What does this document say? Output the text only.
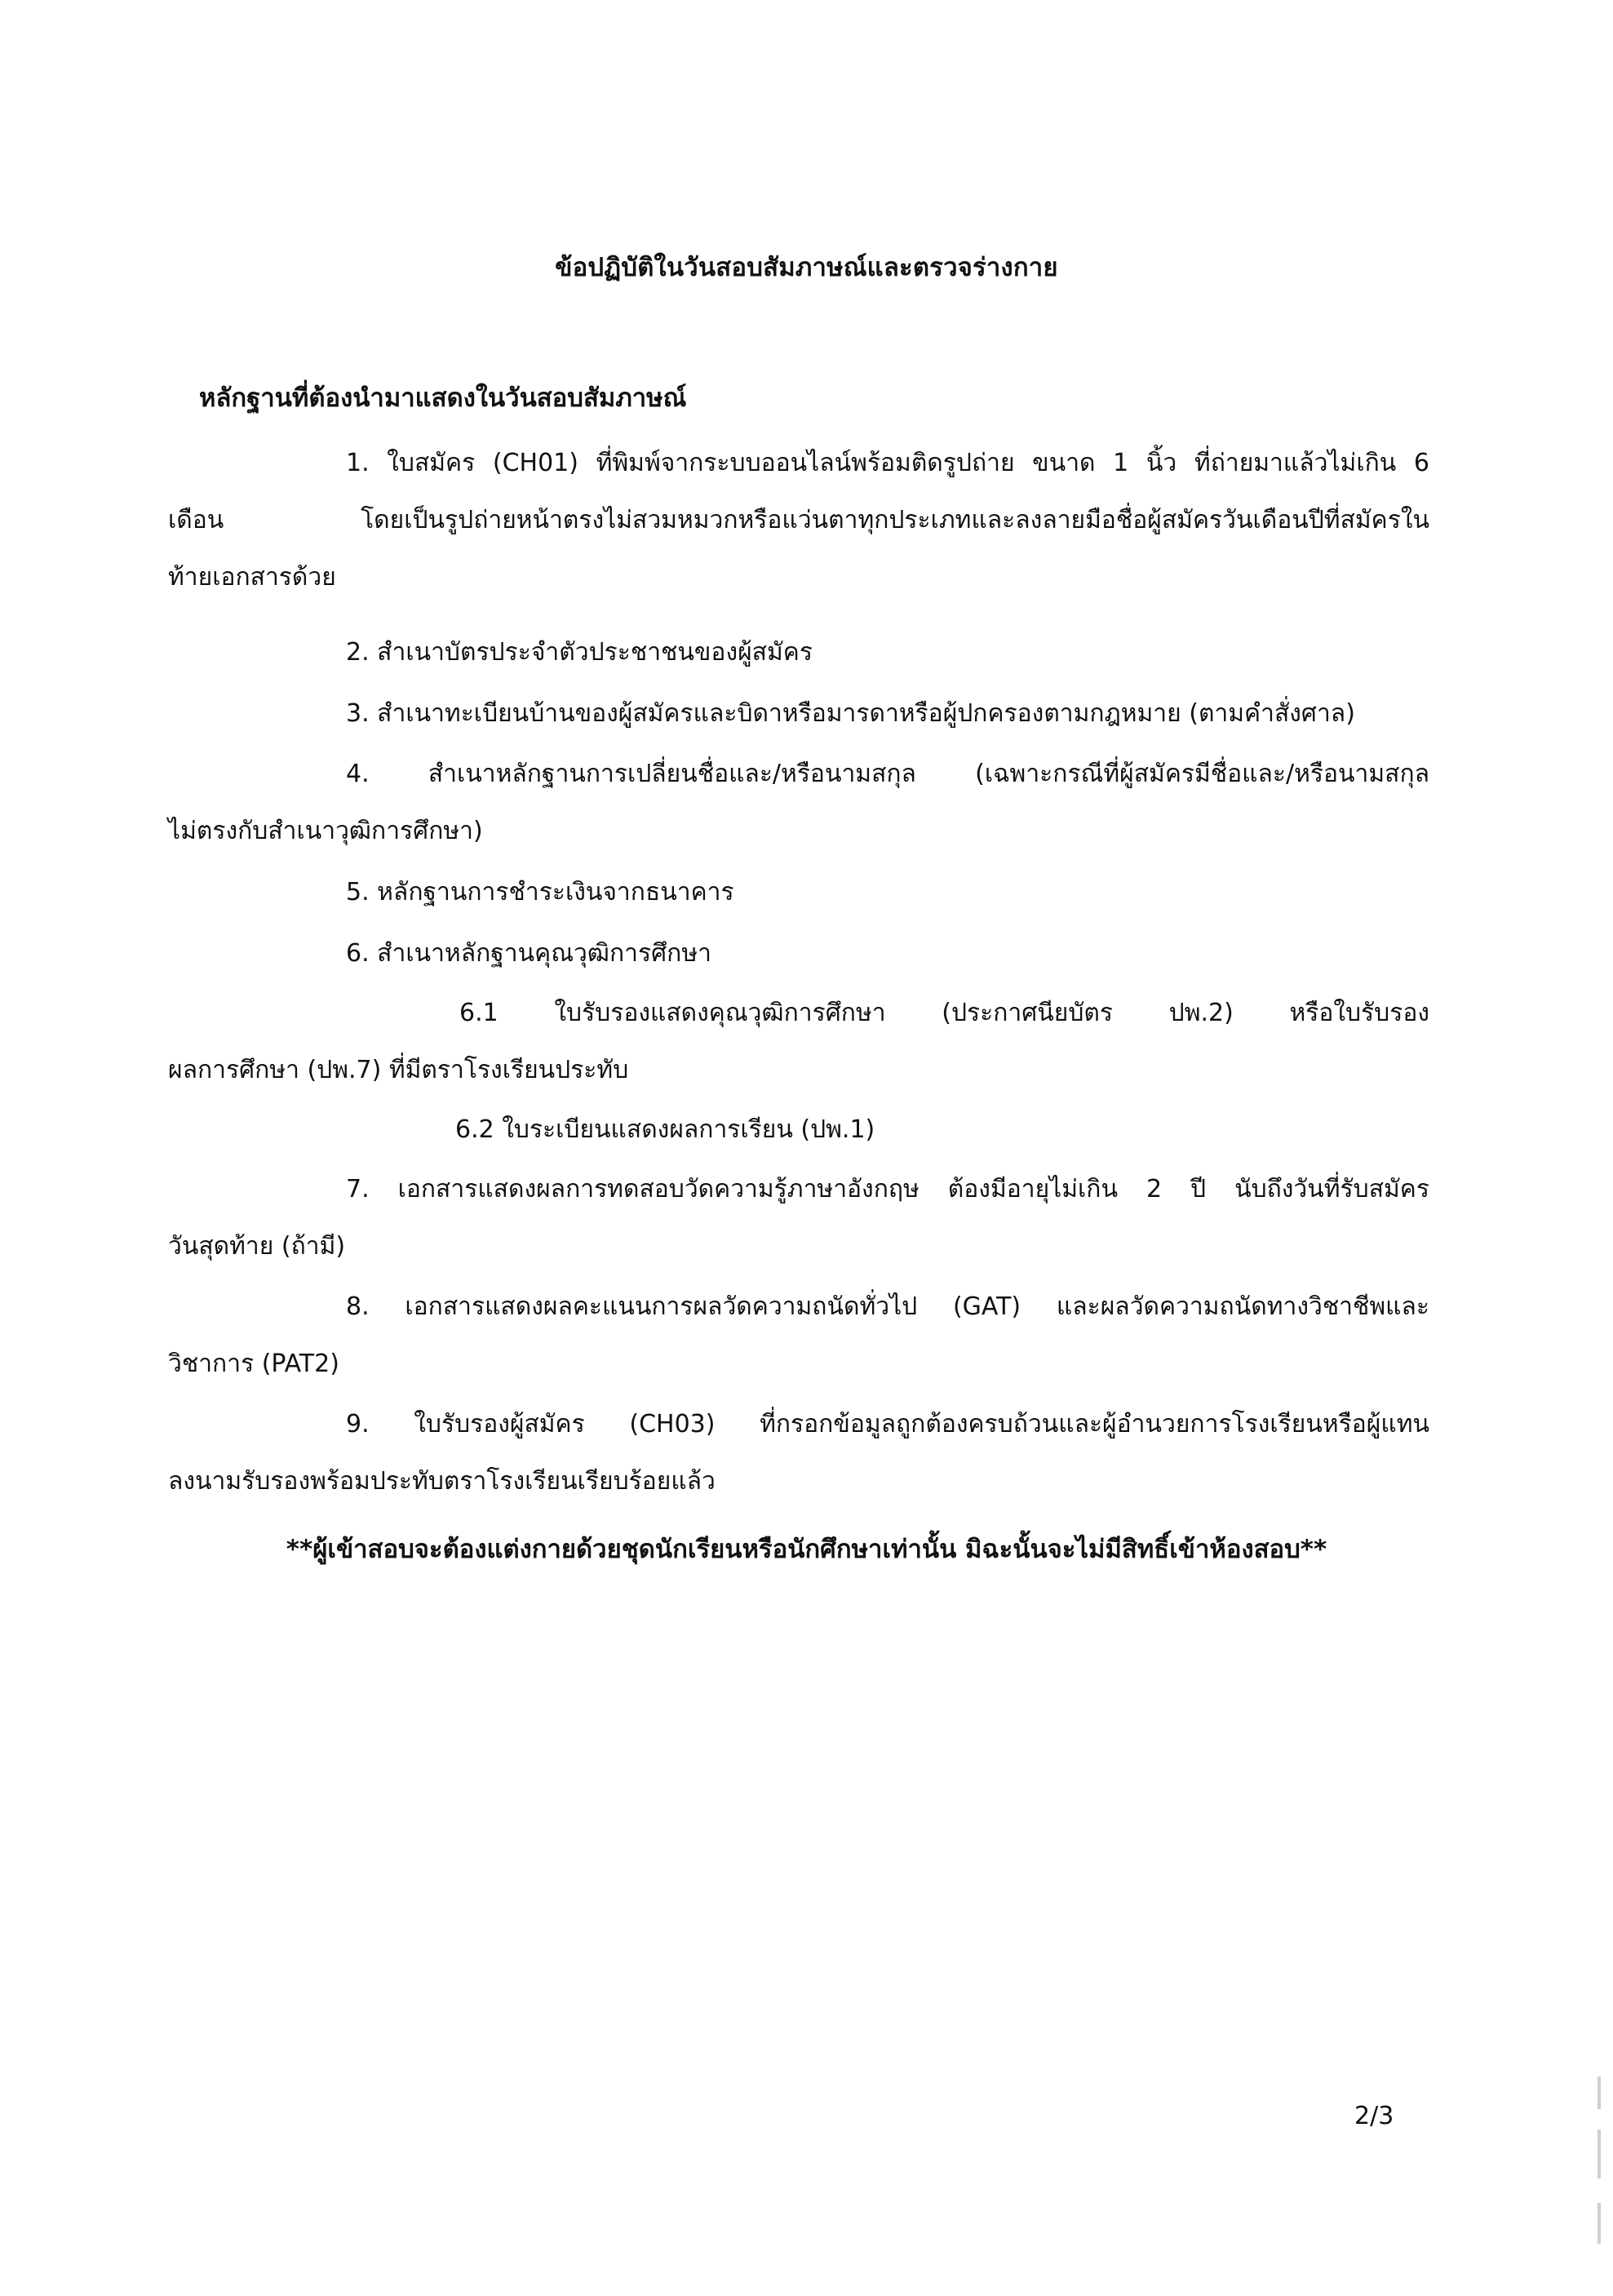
ข้อปฏิบัติในวันสอบสัมภาษณ์และตรวจร่างกาย
หลักฐานที่ต้องนำมาแสดงในวันสอบสัมภาษณ์
1. ใบสมัคร (CH01) ที่พิมพ์จากระบบออนไลน์พร้อมติดรูปถ่าย ขนาด 1 นิ้ว ที่ถ่ายมาแล้วไม่เกิน 6
เดือน โดยเป็นรูปถ่ายหน้าตรงไม่สวมหมวกหรือแว่นตาทุกประเภทและลงลายมือชื่อผู้สมัครวันเดือนปีที่สมัครใน
ท้ายเอกสารด้วย
2. สำเนาบัตรประจำตัวประชาชนของผู้สมัคร
3. สำเนาทะเบียนบ้านของผู้สมัครและบิดาหรือมารดาหรือผู้ปกครองตามกฎหมาย (ตามคำสั่งศาล)
4. สำเนาหลักฐานการเปลี่ยนชื่อและ/หรือนามสกุล (เฉพาะกรณีที่ผู้สมัครมีชื่อและ/หรือนามสกุล
ไม่ตรงกับสำเนาวุฒิการศึกษา)
5. หลักฐานการชำระเงินจากธนาคาร
6. สำเนาหลักฐานคุณวุฒิการศึกษา
6.1 ใบรับรองแสดงคุณวุฒิการศึกษา (ประกาศนียบัตร ปพ.2) หรือใบรับรอง
ผลการศึกษา (ปพ.7) ที่มีตราโรงเรียนประทับ
6.2 ใบระเบียนแสดงผลการเรียน (ปพ.1)
7. เอกสารแสดงผลการทดสอบวัดความรู้ภาษาอังกฤษ ต้องมีอายุไม่เกิน 2 ปี นับถึงวันที่รับสมัคร
วันสุดท้าย (ถ้ามี)
8. เอกสารแสดงผลคะแนนการผลวัดความถนัดทั่วไป (GAT) และผลวัดความถนัดทางวิชาชีพและ
วิชาการ (PAT2)
9. ใบรับรองผู้สมัคร (CH03) ที่กรอกข้อมูลถูกต้องครบถ้วนและผู้อำนวยการโรงเรียนหรือผู้แทน
ลงนามรับรองพร้อมประทับตราโรงเรียนเรียบร้อยแล้ว
**ผู้เข้าสอบจะต้องแต่งกายด้วยชุดนักเรียนหรือนักศึกษาเท่านั้น มิฉะนั้นจะไม่มีสิทธิ์เข้าห้องสอบ**
2/3
